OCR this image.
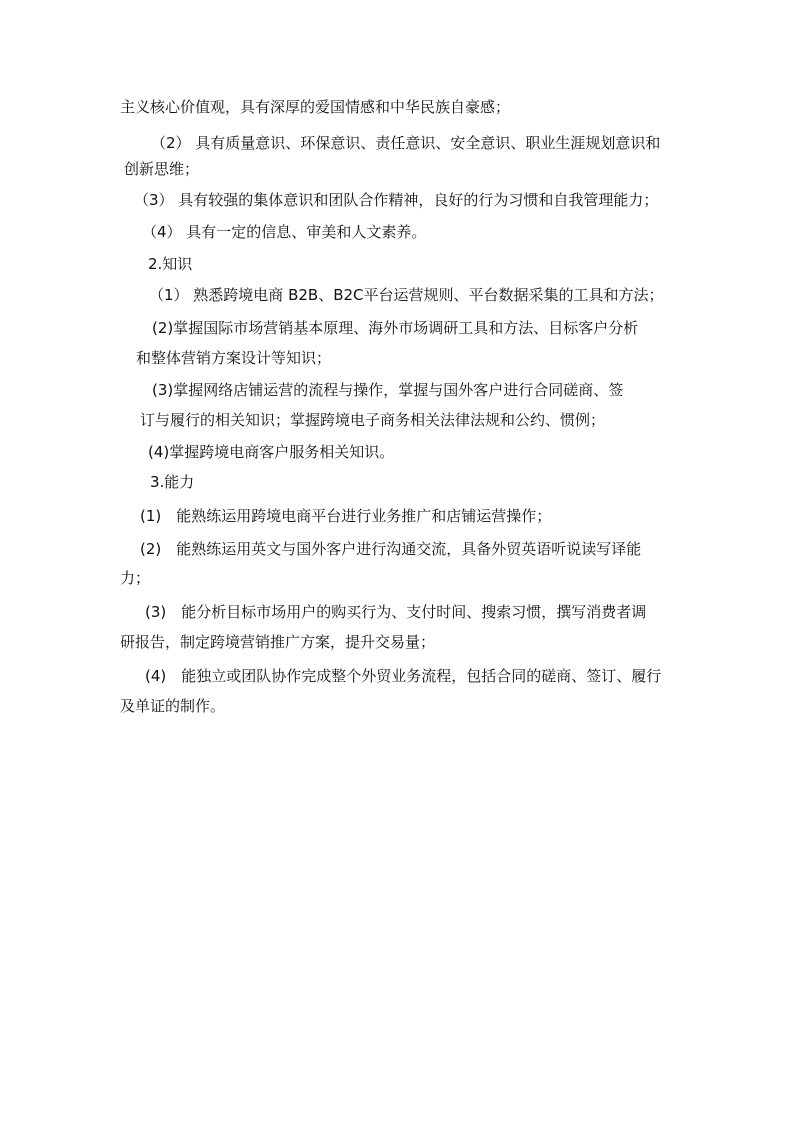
主义核心价值观，具有深厚的爱国情感和中华民族自豪感；

（2） 具有质量意识、环保意识、责任意识、安全意识、职业生涯规划意识和

创新思维；

（3） 具有较强的集体意识和团队合作精神，良好的行为习惯和自我管理能力；

（4） 具有一定的信息、审美和人文素养。

2.知识

（1） 熟悉跨境电商 B2B、B2C平台运营规则、平台数据采集的工具和方法；

(2)掌握国际市场营销基本原理、海外市场调研工具和方法、目标客户分析

和整体营销方案设计等知识；

(3)掌握网络店铺运营的流程与操作，掌握与国外客户进行合同磋商、签

订与履行的相关知识；掌握跨境电子商务相关法律法规和公约、惯例；

(4)掌握跨境电商客户服务相关知识。

3.能力

(1)　能熟练运用跨境电商平台进行业务推广和店铺运营操作；

(2)　能熟练运用英文与国外客户进行沟通交流，具备外贸英语听说读写译能

力；

(3)　能分析目标市场用户的购买行为、支付时间、搜索习惯，撰写消费者调

研报告，制定跨境营销推广方案，提升交易量；

(4)　能独立或团队协作完成整个外贸业务流程，包括合同的磋商、签订、履行

及单证的制作。
